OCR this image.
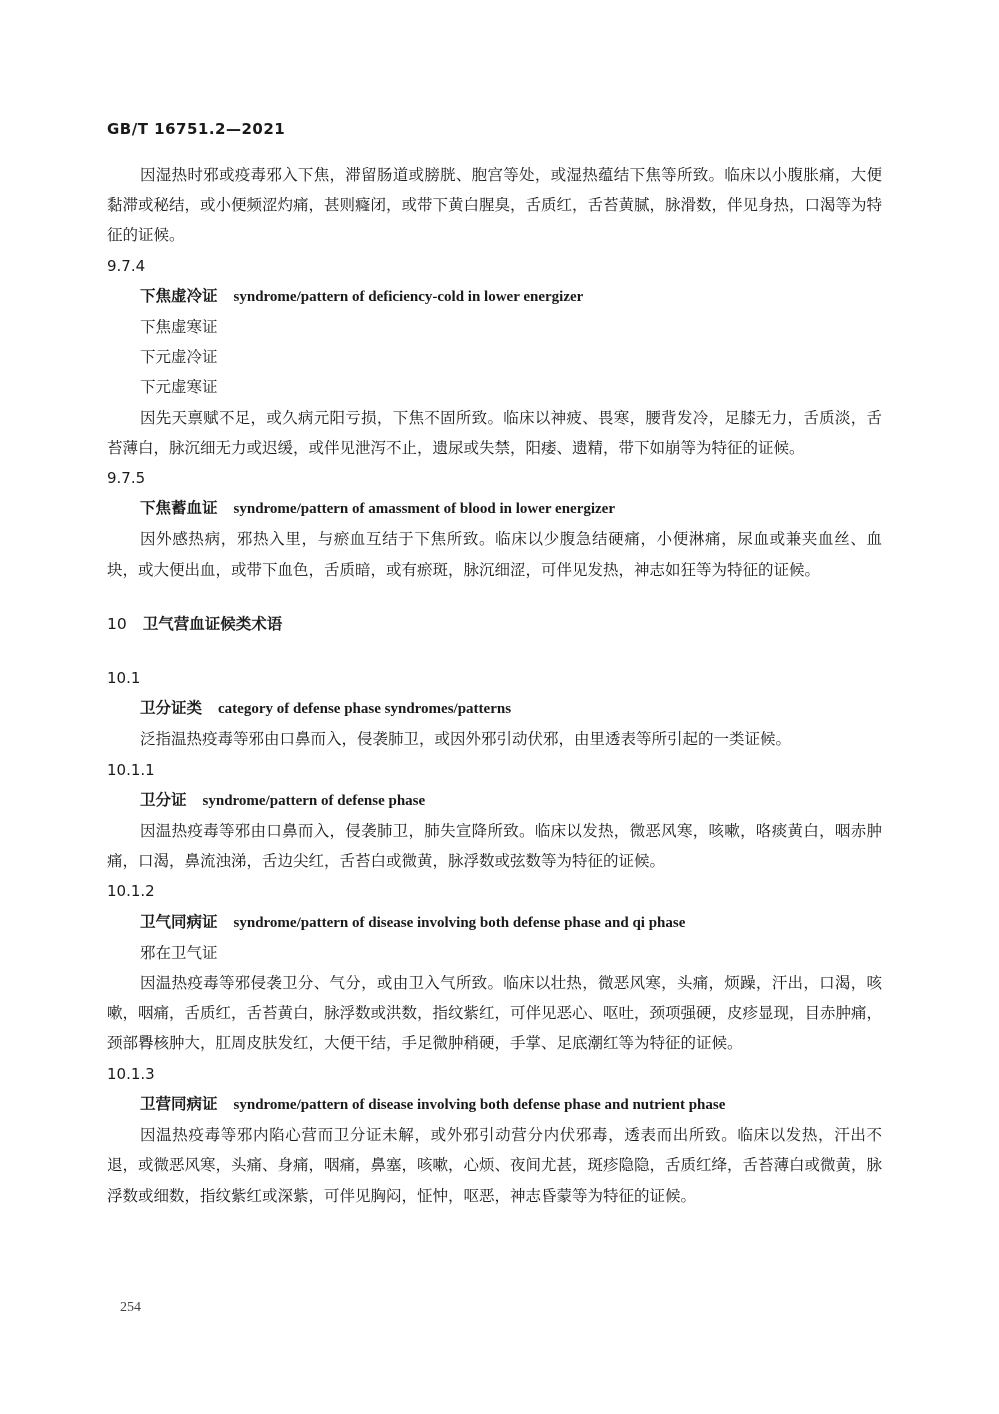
GB/T 16751.2—2021

因湿热时邪或疫毒邪入下焦，滞留肠道或膀胱、胞宫等处，或湿热蕴结下焦等所致。临床以小腹胀痛，大便黏滞或秘结，或小便频涩灼痛，甚则癃闭，或带下黄白腥臭，舌质红，舌苔黄腻，脉滑数，伴见身热，口渴等为特征的证候。

9.7.4

下焦虚冷证 syndrome/pattern of deficiency-cold in lower energizer

下焦虚寒证

下元虚冷证

下元虚寒证

因先天禀赋不足，或久病元阳亏损，下焦不固所致。临床以神疲、畏寒，腰背发冷，足膝无力，舌质淡，舌苔薄白，脉沉细无力或迟缓，或伴见泄泻不止，遗尿或失禁，阳痿、遗精，带下如崩等为特征的证候。

9.7.5

下焦蓄血证 syndrome/pattern of amassment of blood in lower energizer

因外感热病，邪热入里，与瘀血互结于下焦所致。临床以少腹急结硬痛，小便淋痛，尿血或兼夹血丝、血块，或大便出血，或带下血色，舌质暗，或有瘀斑，脉沉细涩，可伴见发热，神志如狂等为特征的证候。

10 卫气营血证候类术语

10.1

卫分证类 category of defense phase syndromes/patterns

泛指温热疫毒等邪由口鼻而入，侵袭肺卫，或因外邪引动伏邪，由里透表等所引起的一类证候。

10.1.1

卫分证 syndrome/pattern of defense phase

因温热疫毒等邪由口鼻而入，侵袭肺卫，肺失宣降所致。临床以发热，微恶风寒，咳嗽，咯痰黄白，咽赤肿痛，口渴，鼻流浊涕，舌边尖红，舌苔白或微黄，脉浮数或弦数等为特征的证候。

10.1.2

卫气同病证 syndrome/pattern of disease involving both defense phase and qi phase

邪在卫气证

因温热疫毒等邪侵袭卫分、气分，或由卫入气所致。临床以壮热，微恶风寒，头痛，烦躁，汗出，口渴，咳嗽，咽痛，舌质红，舌苔黄白，脉浮数或洪数，指纹紫红，可伴见恶心、呕吐，颈项强硬，皮疹显现，目赤肿痛，颈部臖核肿大，肛周皮肤发红，大便干结，手足微肿稍硬，手掌、足底潮红等为特征的证候。

10.1.3

卫营同病证 syndrome/pattern of disease involving both defense phase and nutrient phase

因温热疫毒等邪内陷心营而卫分证未解，或外邪引动营分内伏邪毒，透表而出所致。临床以发热，汗出不退，或微恶风寒，头痛、身痛，咽痛，鼻塞，咳嗽，心烦、夜间尤甚，斑疹隐隐，舌质红绛，舌苔薄白或微黄，脉浮数或细数，指纹紫红或深紫，可伴见胸闷，怔忡，呕恶，神志昏蒙等为特征的证候。

254
